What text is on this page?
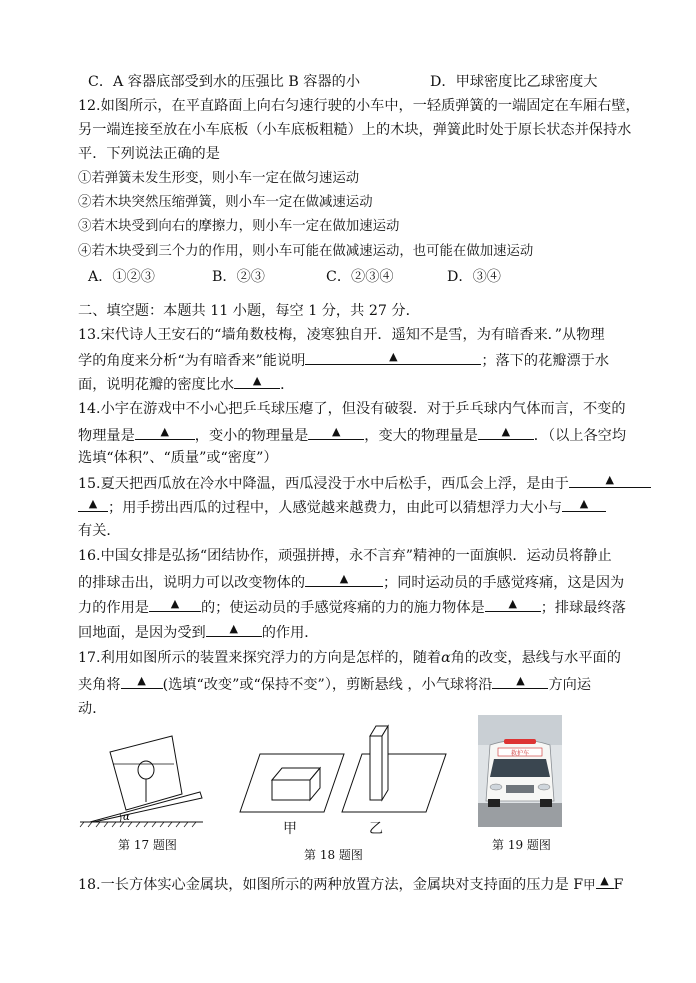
C．A 容器底部受到水的压强比 B 容器的小	D．甲球密度比乙球密度大
12.如图所示，在平直路面上向右匀速行驶的小车中，一轻质弹簧的一端固定在车厢右壁，
另一端连接至放在小车底板（小车底板粗糙）上的木块，弹簧此时处于原长状态并保持水
平．下列说法正确的是
①若弹簧未发生形变，则小车一定在做匀速运动
②若木块突然压缩弹簧，则小车一定在做减速运动
③若木块受到向右的摩擦力，则小车一定在做加速运动
④若木块受到三个力的作用，则小车可能在做减速运动，也可能在做加速运动
A．①②③	B．②③	C．②③④	D．③④
二、填空题：本题共 11 小题，每空 1 分，共 27 分．
13.宋代诗人王安石的“墙角数枝梅，凌寒独自开．遥知不是雪，为有暗香来．”从物理
学的角度来分析“为有暗香来”能说明	▲	；落下的花瓣漂于水
面，说明花瓣的密度比水	▲	．
14.小宇在游戏中不小心把乒乓球压瘪了，但没有破裂．对于乒乓球内气体而言，不变的
物理量是	▲	，变小的物理量是	▲	，变大的物理量是	▲	．（以上各空均
选填“体积”、“质量”或“密度”）
15.夏天把西瓜放在冷水中降温，西瓜浸没于水中后松手，西瓜会上浮，是由于	▲
▲ ；用手捞出西瓜的过程中，人感觉越来越费力，由此可以猜想浮力大小与	▲
有关．
16.中国女排是弘扬“团结协作，顽强拼搏，永不言弃”精神的一面旗帜．运动员将静止
的排球击出，说明力可以改变物体的	▲	；同时运动员的手感觉疼痛，这是因为
力的作用是	▲	的；使运动员的手感觉疼痛的力的施力物体是	▲	；排球最终落
回地面，是因为受到	▲	的作用．
17.利用如图所示的装置来探究浮力的方向是怎样的，随着α角的改变，悬线与水平面的
夹角将	▲	(选填“改变”或“保持不变”），剪断悬线 ，小气球将沿	▲	方向运
动．
α
第 17 题图
甲	乙
第 18 题图
救护车
第 19 题图
18.一长方体实心金属块，如图所示的两种放置方法，金属块对支持面的压力是 F甲 ▲ F
